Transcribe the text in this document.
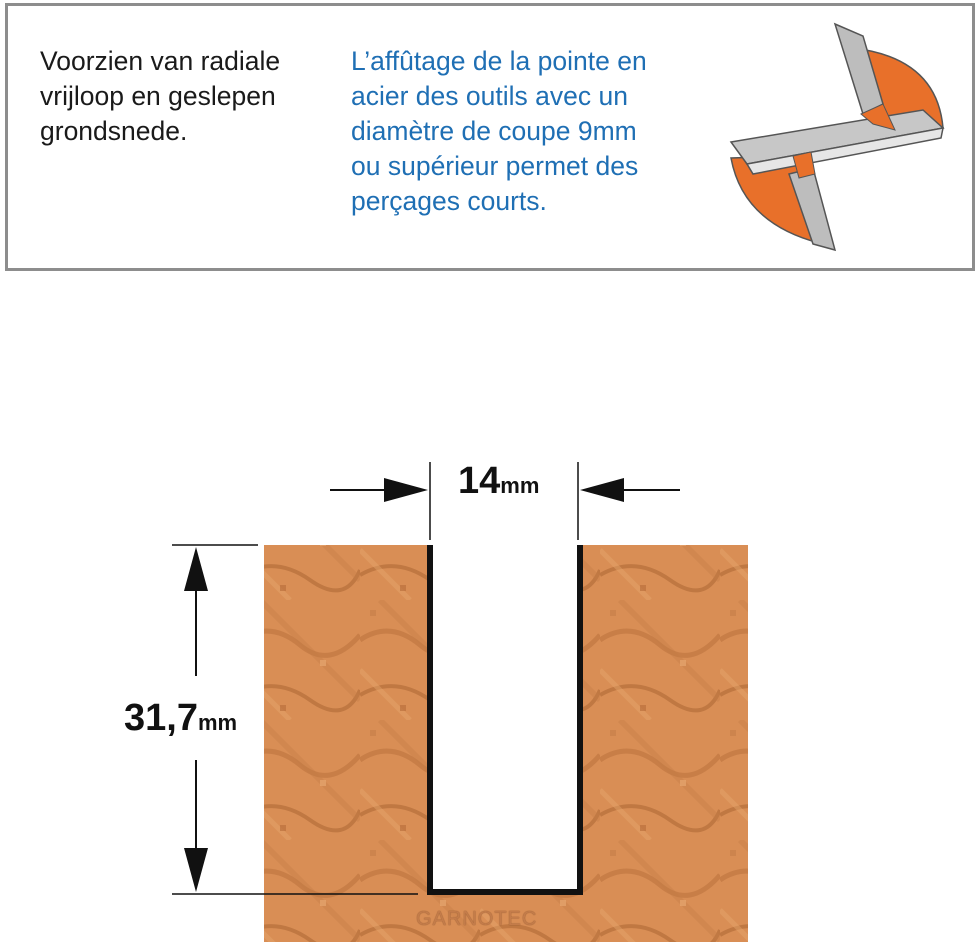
Voorzien van radiale
vrijloop en geslepen
grondsnede.

L’affûtage de la pointe en
acier des outils avec un
diamètre de coupe 9mm
ou supérieur permet des
perçages courts.

14mm
31,7mm
GARNOTEC
